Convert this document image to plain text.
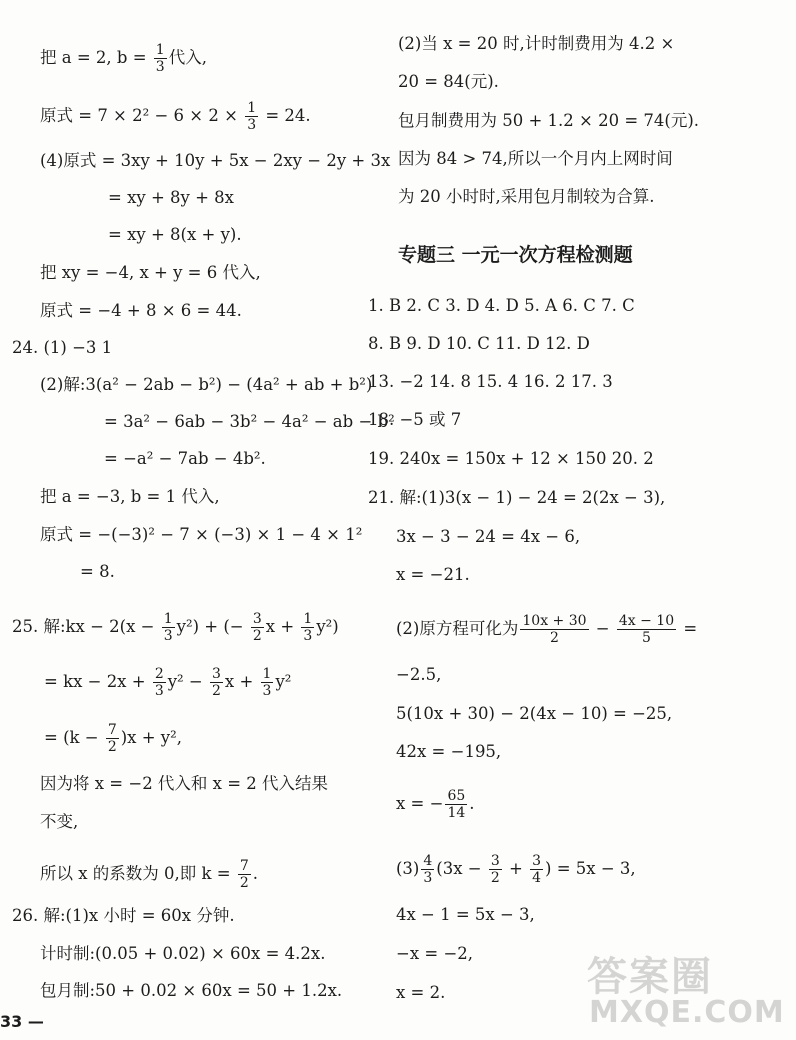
把 a = 2, $b = \frac{1}{3}$ 代入,
原式 = $7 \times 2^2 - 6 \times 2 \times \frac{1}{3} = 24$.
(4)原式 = 3xy + 10y + 5x − 2xy − 2y + 3x
= xy + 8y + 8x
= xy + 8(x + y).
把 xy = −4, x + y = 6 代入,
原式 = −4 + 8 × 6 = 44.
24. (1) −3 1
(2)解:3(a² − 2ab − b²) − (4a² + ab + b²)
= 3a² − 6ab − 3b² − 4a² − ab − b²
= −a² − 7ab − 4b².
把 a = −3, b = 1 代入,
原式 = −(−3)² − 7 × (−3) × 1 − 4 × 1²
= 8.
25. 解:kx − $2(x - \frac{1}{3} y^2)$ + (− $\frac{3}{2}$ $x + \frac{1}{3} y^2$)
= kx − $2x + \frac{2}{3} y^2 - \frac{3}{2}$ $x + \frac{1}{3} y^2$
= $(k - \frac{7}{2} )x + y^2$,
因为将 x = −2 代入和 x = 2 代入结果
不变,
所以 x 的系数为 0,即 $k = \frac{7}{2}$ .
26. 解:(1)x 小时 = 60x 分钟.
计时制:(0.05 + 0.02) × 60x = 4.2x.
包月制:50 + 0.02 × 60x = 50 + 1.2x.
(2)当 x = 20 时,计时制费用为 4.2 ×
20 = 84(元).
包月制费用为 50 + 1.2 × 20 = 74(元).
因为 84 > 74,所以一个月内上网时间
为 20 小时时,采用包月制较为合算.
专题三 一元一次方程检测题
1. B 2. C 3. D 4. D 5. A 6. C 7. C
8. B 9. D 10. C 11. D 12. D
13. −2 14. 8 15. 4 16. 2 17. 3
18. −5 或 7
19. 240x = 150x + 12 × 150 20. 2
21. 解:(1)3(x − 1) − 24 = 2(2x − 3),
3x − 3 − 24 = 4x − 6,
x = −21.
(2)原方程可化为 $\frac{10x + 30}{2} - \frac{4x - 10}{5}$ =
−2.5,
5(10x + 30) − 2(4x − 10) = −25,
42x = −195,
x = − $\frac{65}{14}$ .
$(3) \frac{4}{3} (3x - \frac{3}{2} + \frac{3}{4}$ ) = 5x − 3,
4x − 1 = 5x − 3,
−x = −2,
x = 2.
33 —
答案圈
MXQE.COM
